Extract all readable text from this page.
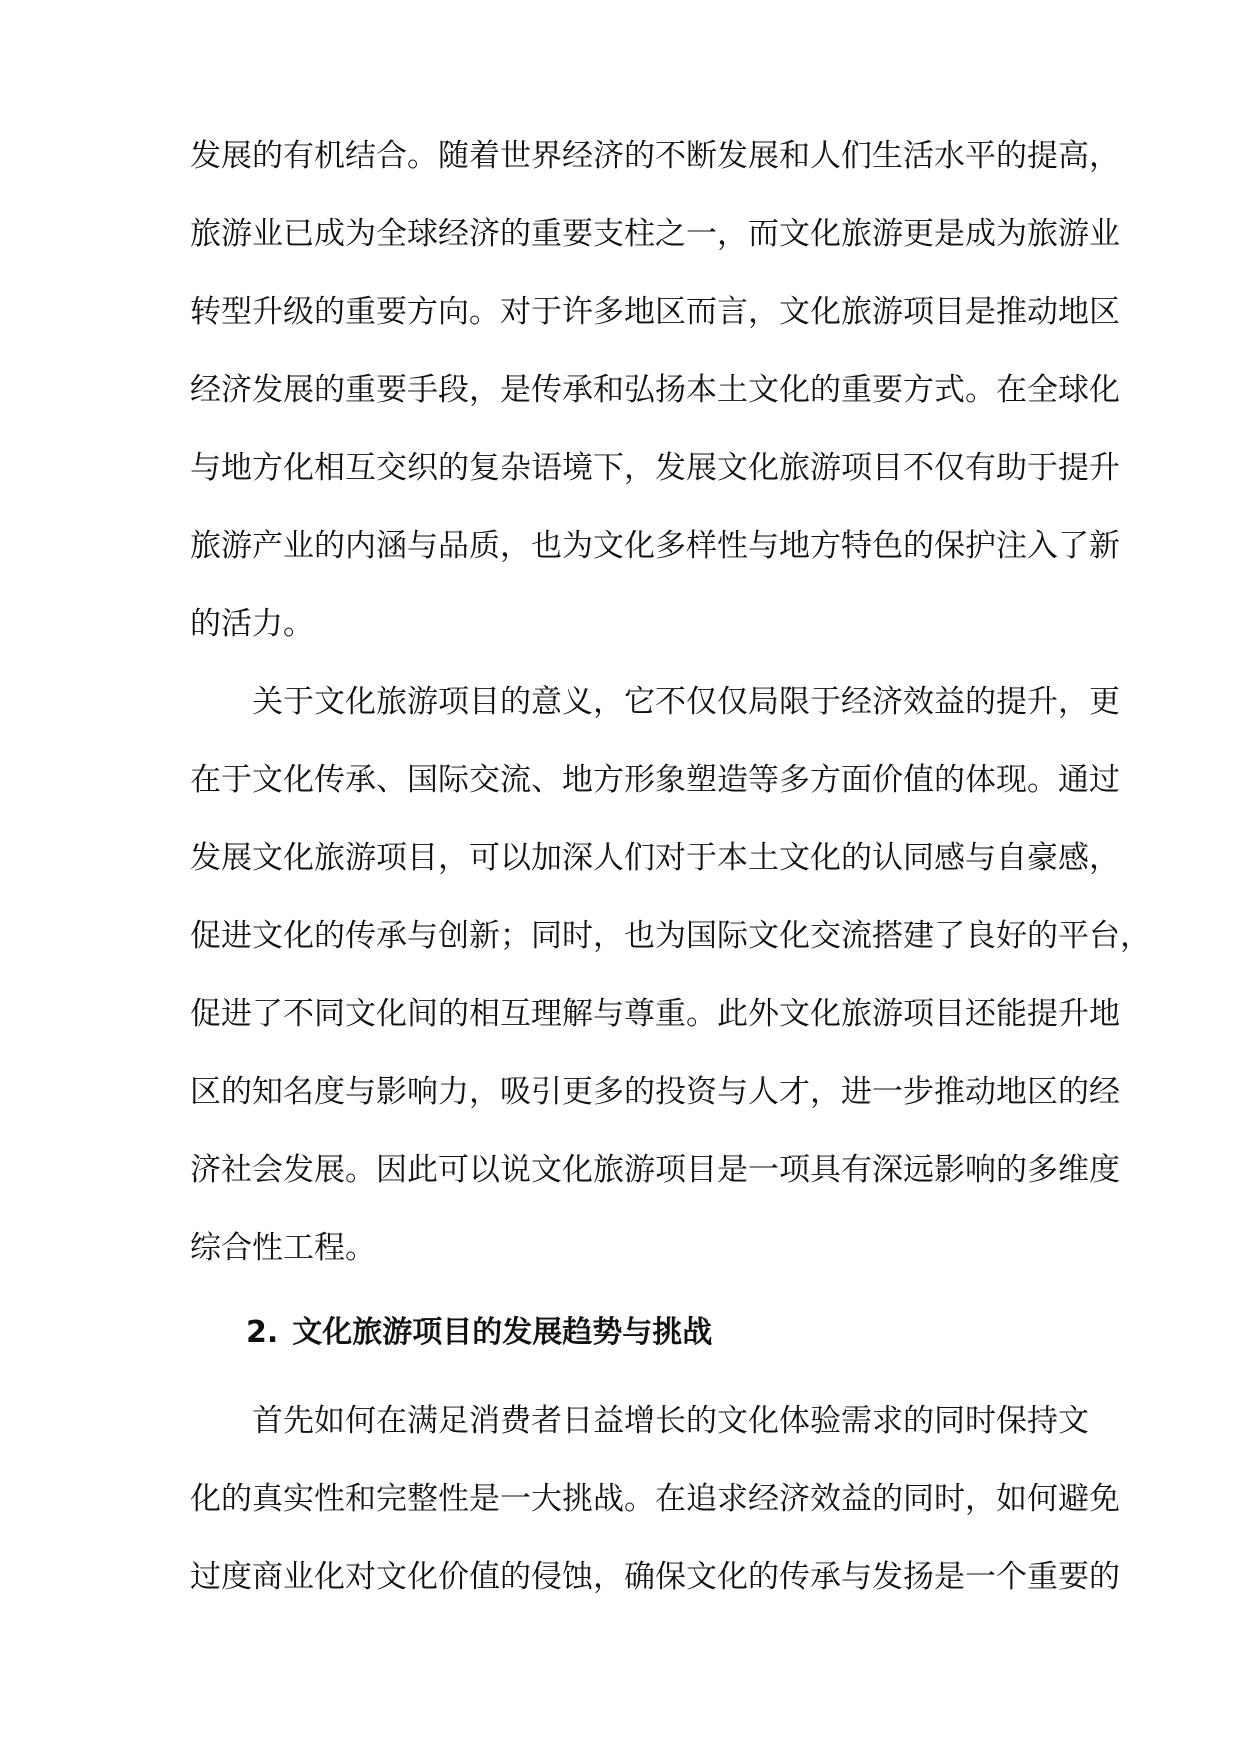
发展的有机结合。随着世界经济的不断发展和人们生活水平的提高，
旅游业已成为全球经济的重要支柱之一，而文化旅游更是成为旅游业
转型升级的重要方向。对于许多地区而言，文化旅游项目是推动地区
经济发展的重要手段，是传承和弘扬本土文化的重要方式。在全球化
与地方化相互交织的复杂语境下，发展文化旅游项目不仅有助于提升
旅游产业的内涵与品质，也为文化多样性与地方特色的保护注入了新
的活力。
关于文化旅游项目的意义，它不仅仅局限于经济效益的提升，更
在于文化传承、国际交流、地方形象塑造等多方面价值的体现。通过
发展文化旅游项目，可以加深人们对于本土文化的认同感与自豪感，
促进文化的传承与创新；同时，也为国际文化交流搭建了良好的平台，
促进了不同文化间的相互理解与尊重。此外文化旅游项目还能提升地
区的知名度与影响力，吸引更多的投资与人才，进一步推动地区的经
济社会发展。因此可以说文化旅游项目是一项具有深远影响的多维度
综合性工程。
2. 文化旅游项目的发展趋势与挑战
首先如何在满足消费者日益增长的文化体验需求的同时保持文
化的真实性和完整性是一大挑战。在追求经济效益的同时，如何避免
过度商业化对文化价值的侵蚀，确保文化的传承与发扬是一个重要的
